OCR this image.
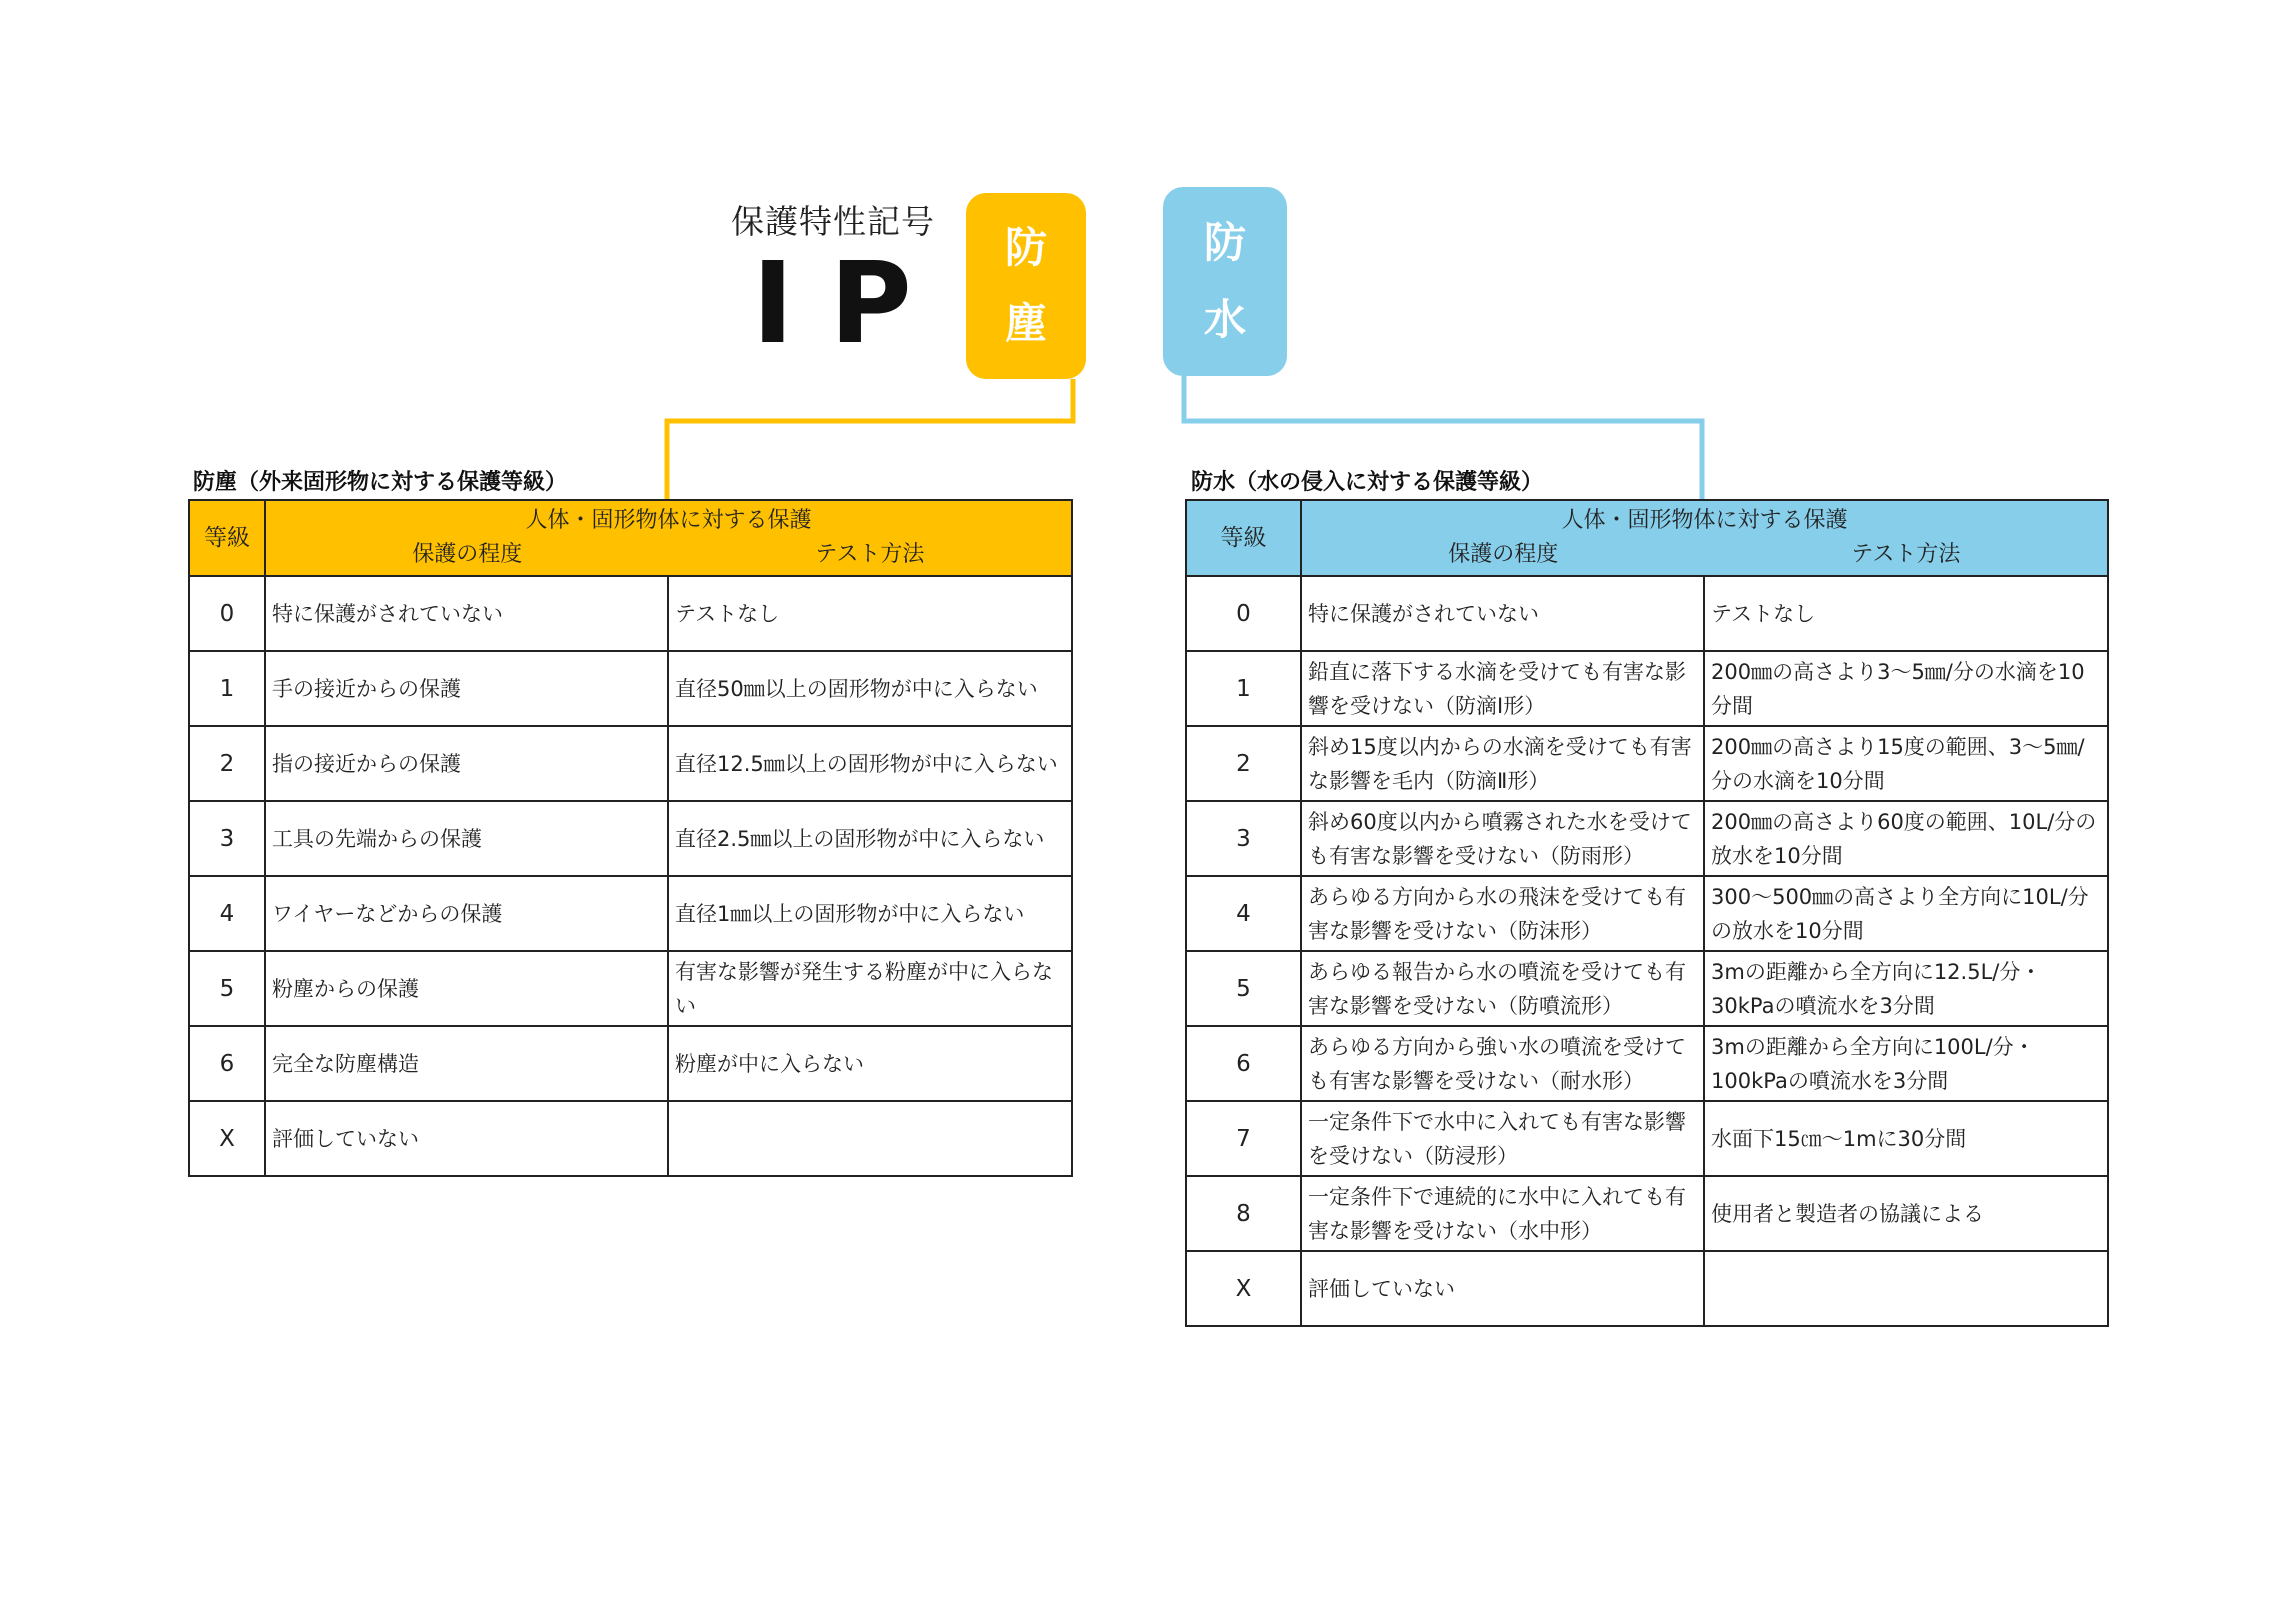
保護特性記号
IP 防
塵
防
水
防塵（外来固形物に対する保護等級）
等級	人体・固形物体に対する保護
保護の程度 テスト方法	

0	特に保護がされていない	テストなし
1	手の接近からの保護	直径50㎜以上の固形物が中に入らない
2	指の接近からの保護	直径12.5㎜以上の固形物が中に入らない
3	工具の先端からの保護	直径2.5㎜以上の固形物が中に入らない
4	ワイヤーなどからの保護	直径1㎜以上の固形物が中に入らない
5	粉塵からの保護	有害な影響が発生する粉塵が中に入らない
6	完全な防塵構造	粉塵が中に入らない
X	評価していない	
防水（水の侵入に対する保護等級）
等級	人体・固形物体に対する保護
保護の程度 テスト方法	

0	特に保護がされていない	テストなし
1	鉛直に落下する水滴を受けても有害な影響を受けない（防滴Ⅰ形）	200㎜の高さより3～5㎜/分の水滴を10分間
2	斜め15度以内からの水滴を受けても有害な影響を毛内（防滴Ⅱ形）	200㎜の高さより15度の範囲、3～5㎜/分の水滴を10分間
3	斜め60度以内から噴霧された水を受けても有害な影響を受けない（防雨形）	200㎜の高さより60度の範囲、10L/分の放水を10分間
4	あらゆる方向から水の飛沫を受けても有害な影響を受けない（防沫形）	300～500㎜の高さより全方向に10L/分の放水を10分間
5	あらゆる報告から水の噴流を受けても有害な影響を受けない（防噴流形）	3mの距離から全方向に12.5L/分・30kPaの噴流水を3分間
6	あらゆる方向から強い水の噴流を受けても有害な影響を受けない（耐水形）	3mの距離から全方向に100L/分・100kPaの噴流水を3分間
7	一定条件下で水中に入れても有害な影響を受けない（防浸形）	水面下15㎝～1mに30分間
8	一定条件下で連続的に水中に入れても有害な影響を受けない（水中形）	使用者と製造者の協議による
X	評価していない	
